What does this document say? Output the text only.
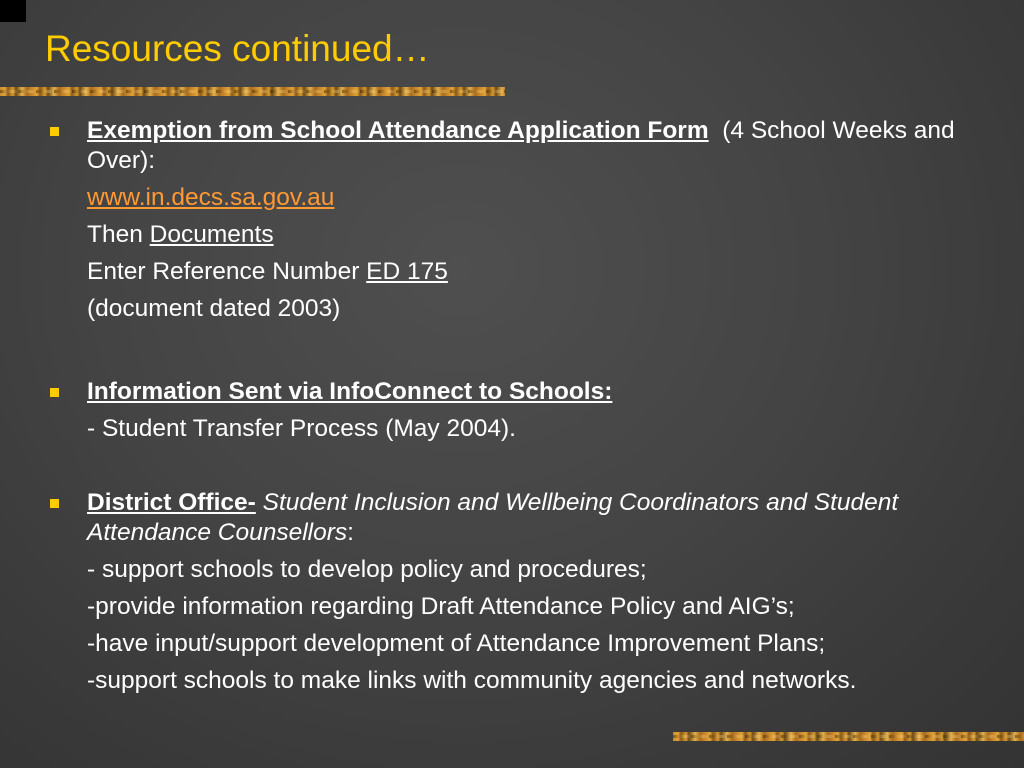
Resources continued…
Exemption from School Attendance Application Form (4 School Weeks and Over):
www.in.decs.sa.gov.au
Then Documents
Enter Reference Number ED 175
(document dated 2003)
Information Sent via InfoConnect to Schools:
- Student Transfer Process (May 2004).
District Office- Student Inclusion and Wellbeing Coordinators and Student Attendance Counsellors:
- support schools to develop policy and procedures;
-provide information regarding Draft Attendance Policy and AIG’s;
-have input/support development of Attendance Improvement Plans;
-support schools to make links with community agencies and networks.
